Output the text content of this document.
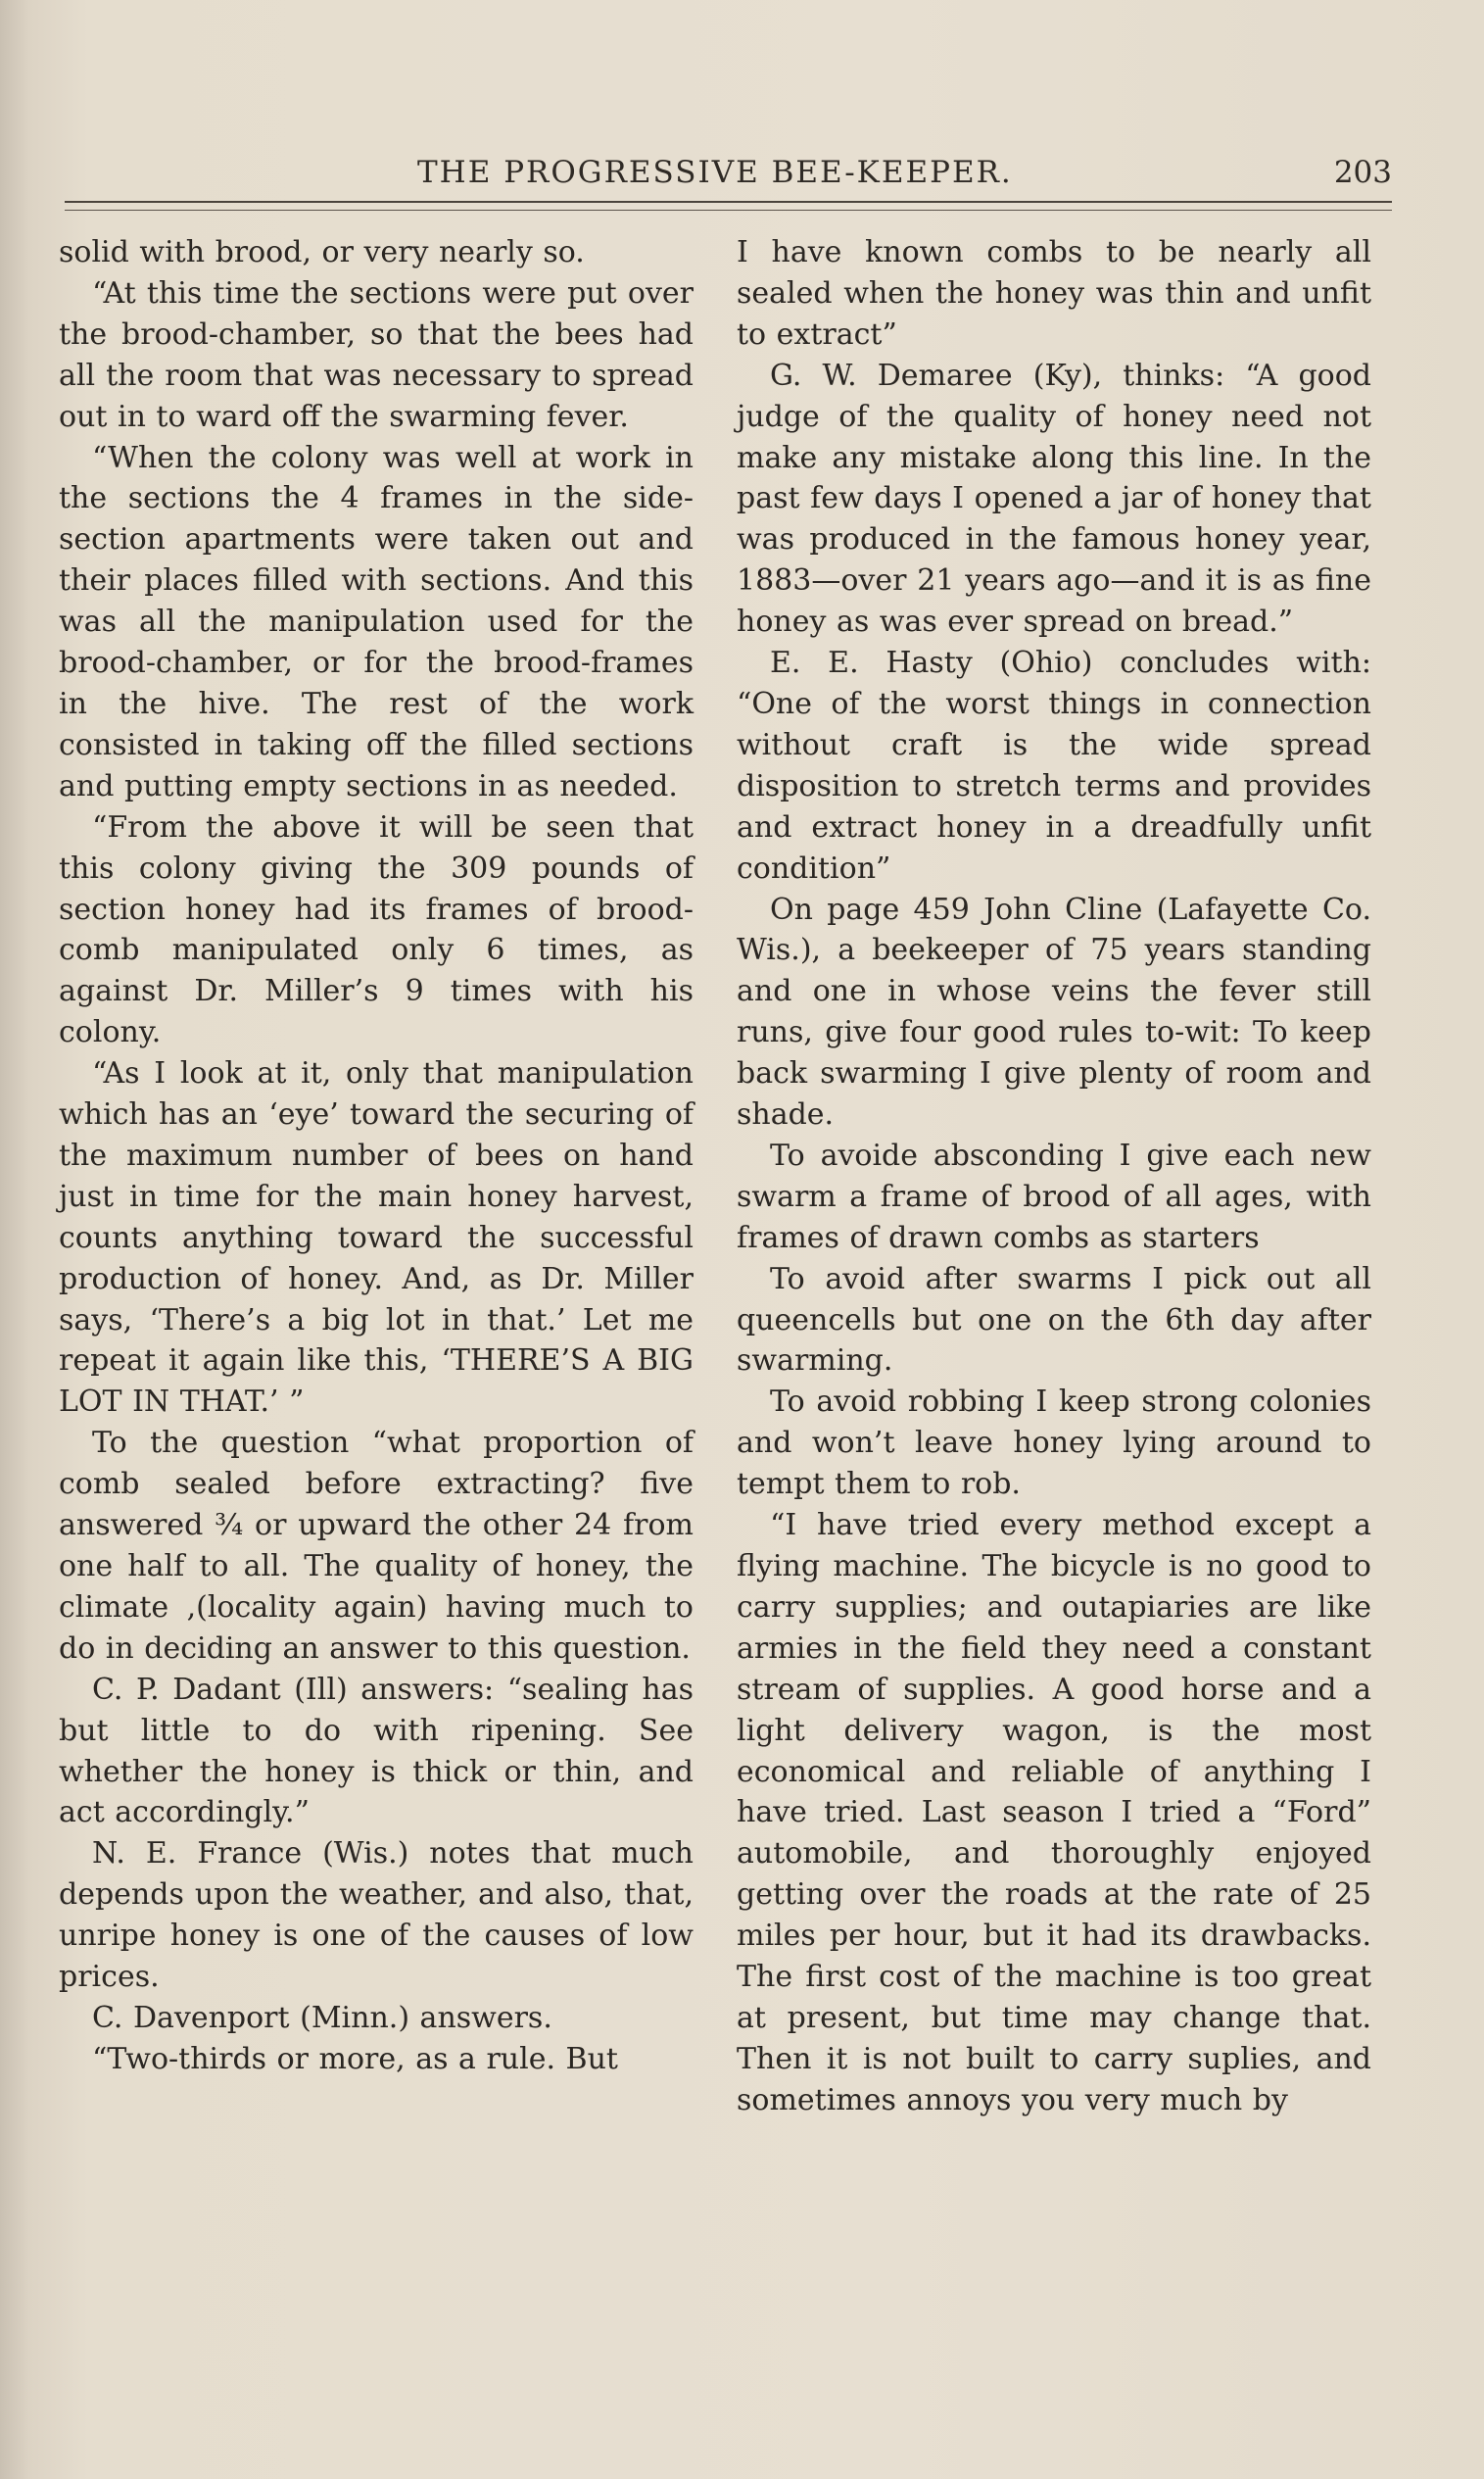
THE PROGRESSIVE BEE-KEEPER.	203

solid with brood, or very nearly so.

“At this time the sections were put over the brood-chamber, so that the bees had all the room that was necessary to spread out in to ward off the swarming fever.

“When the colony was well at work in the sections the 4 frames in the side-section apartments were taken out and their places filled with sections. And this was all the manipulation used for the brood-chamber, or for the brood-frames in the hive. The rest of the work consisted in taking off the filled sections and putting empty sections in as needed.

“From the above it will be seen that this colony giving the 309 pounds of section honey had its frames of brood-comb manipulated only 6 times, as against Dr. Miller’s 9 times with his colony.

“As I look at it, only that manipulation which has an ‘eye’ toward the securing of the maximum number of bees on hand just in time for the main honey harvest, counts anything toward the successful production of honey. And, as Dr. Miller says, ‘There’s a big lot in that.’ Let me repeat it again like this, ‘THERE’S A BIG LOT IN THAT.’ ”

To the question “what proportion of comb sealed before extracting? five answered ¾ or upward the other 24 from one half to all. The quality of honey, the climate ,(locality again) having much to do in deciding an answer to this question.

C. P. Dadant (Ill) answers: “sealing has but little to do with ripening. See whether the honey is thick or thin, and act accordingly.”

N. E. France (Wis.) notes that much depends upon the weather, and also, that, unripe honey is one of the causes of low prices.

C. Davenport (Minn.) answers.

“Two-thirds or more, as a rule. But

I have known combs to be nearly all sealed when the honey was thin and unfit to extract”

G. W. Demaree (Ky), thinks: “A good judge of the quality of honey need not make any mistake along this line. In the past few days I opened a jar of honey that was produced in the famous honey year, 1883—over 21 years ago—and it is as fine honey as was ever spread on bread.”

E. E. Hasty (Ohio) concludes with: “One of the worst things in connection without craft is the wide spread disposition to stretch terms and provides and extract honey in a dreadfully unfit condition”

On page 459 John Cline (Lafayette Co. Wis.), a beekeeper of 75 years standing and one in whose veins the fever still runs, give four good rules to-wit: To keep back swarming I give plenty of room and shade.

To avoide absconding I give each new swarm a frame of brood of all ages, with frames of drawn combs as starters

To avoid after swarms I pick out all queencells but one on the 6th day after swarming.

To avoid robbing I keep strong colonies and won’t leave honey lying around to tempt them to rob.

“I have tried every method except a flying machine. The bicycle is no good to carry supplies; and outapiaries are like armies in the field they need a constant stream of supplies. A good horse and a light delivery wagon, is the most economical and reliable of anything I have tried. Last season I tried a “Ford” automobile, and thoroughly enjoyed getting over the roads at the rate of 25 miles per hour, but it had its drawbacks. The first cost of the machine is too great at present, but time may change that. Then it is not built to carry suplies, and sometimes annoys you very much by
